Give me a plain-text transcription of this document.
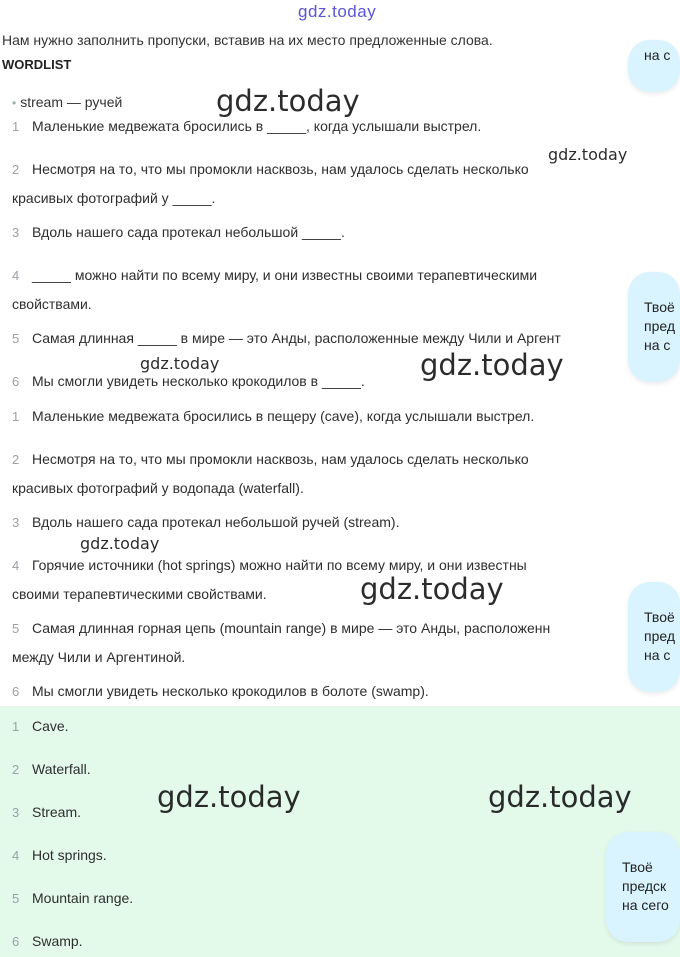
gdz.today
Нам нужно заполнить пропуски, вставив на их место предложенные слова.
WORDLIST
• stream — ручей
1 Маленькие медвежата бросились в _____, когда услышали выстрел.
2 Несмотря на то, что мы промокли насквозь, нам удалось сделать несколько
красивых фотографий у _____.
3 Вдоль нашего сада протекал небольшой _____.
4 _____ можно найти по всему миру, и они известны своими терапевтическими
свойствами.
5 Самая длинная _____ в мире — это Анды, расположенные между Чили и Аргент
6 Мы смогли увидеть несколько крокодилов в _____.
1 Маленькие медвежата бросились в пещеру (cave), когда услышали выстрел.
2 Несмотря на то, что мы промокли насквозь, нам удалось сделать несколько
красивых фотографий у водопада (waterfall).
3 Вдоль нашего сада протекал небольшой ручей (stream).
4 Горячие источники (hot springs) можно найти по всему миру, и они известны
своими терапевтическими свойствами.
5 Самая длинная горная цепь (mountain range) в мире — это Анды, расположенн
между Чили и Аргентиной.
6 Мы смогли увидеть несколько крокодилов в болоте (swamp).
1 Cave.
2 Waterfall.
3 Stream.
4 Hot springs.
5 Mountain range.
6 Swamp.
gdz.today
gdz.today
gdz.today	gdz.today
gdz.today
gdz.today
gdz.today	gdz.today
на с
Твоё
пред
на с
Твоё
пред
на с
Твоё
предск
на сего
